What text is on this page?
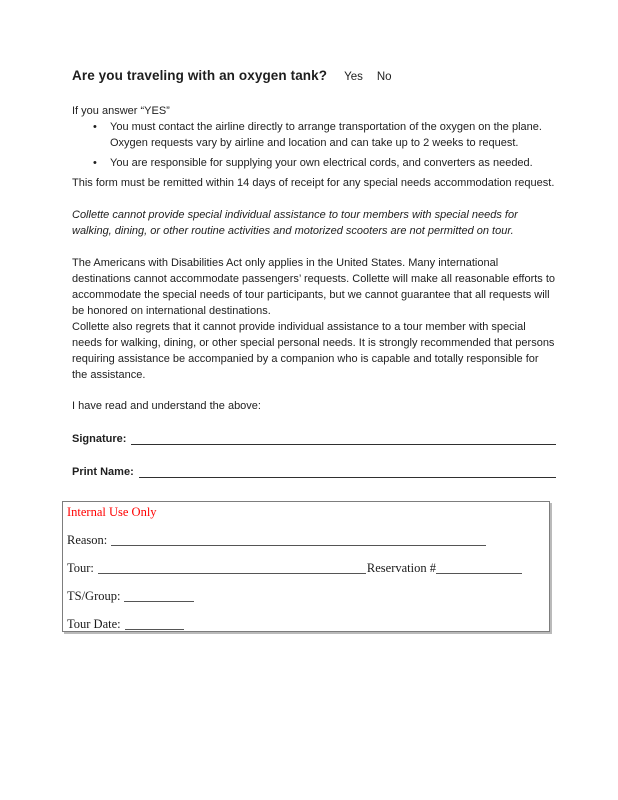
Are you traveling with an oxygen tank? Yes No
If you answer “YES”
• You must contact the airline directly to arrange transportation of the oxygen on the plane. Oxygen requests vary by airline and location and can take up to 2 weeks to request.
• You are responsible for supplying your own electrical cords, and converters as needed.
This form must be remitted within 14 days of receipt for any special needs accommodation request.
Collette cannot provide special individual assistance to tour members with special needs for walking, dining, or other routine activities and motorized scooters are not permitted on tour.
The Americans with Disabilities Act only applies in the United States. Many international destinations cannot accommodate passengers’ requests. Collette will make all reasonable efforts to accommodate the special needs of tour participants, but we cannot guarantee that all requests will be honored on international destinations.
Collette also regrets that it cannot provide individual assistance to a tour member with special needs for walking, dining, or other special personal needs. It is strongly recommended that persons requiring assistance be accompanied by a companion who is capable and totally responsible for the assistance.
I have read and understand the above:
Signature:
Print Name:
Internal Use Only
Reason:
Tour:	Reservation #
TS/Group:
Tour Date:
